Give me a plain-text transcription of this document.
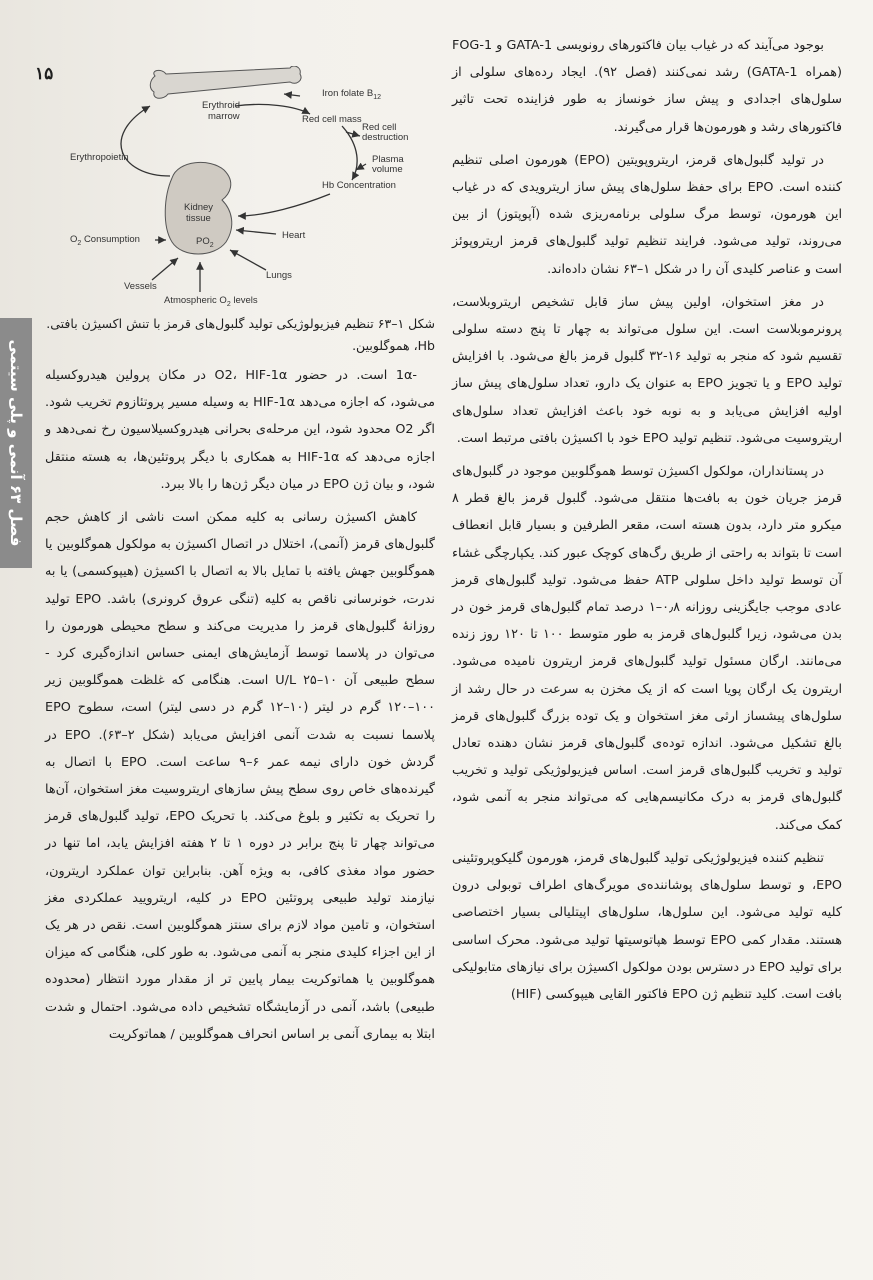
۱۵
فصل ۶۳ آنمی و پلی سیتمی
Erythroid marrow
Iron folate $B_{12}$
Red cell mass
Red cell destruction
Plasma volume
Hb Concentration
Erythropoietin
$O_2$ Consumption	Heart
Lungs
Vessels
Atmospheric $O_2$ levels
Kidney tissue
$PO_2$
شکل ۱–۶۳ تنظیم فیزیولوژیکی تولید گلبول‌های قرمز با تنش اکسیژن بافتی. Hb، هموگلوبین.

بوجود می‌آیند که در غیاب بیان فاکتورهای رونویسی GATA-1 و FOG-1 (همراه GATA-1) رشد نمی‌کنند (فصل ۹۲). ایجاد رده‌های سلولی از سلول‌های اجدادی و پیش ساز خونساز به طور فزاینده تحت تاثیر فاکتورهای رشد و هورمون‌ها قرار می‌گیرند.

در تولید گلبول‌های قرمز، اریتروپویتین (EPO) هورمون اصلی تنظیم کننده است. EPO برای حفظ سلول‌های پیش ساز اریترویدی که در غیاب این هورمون، توسط مرگ سلولی برنامه‌ریزی شده (آپوپتوز) از بین می‌روند، تولید می‌شود. فرایند تنظیم تولید گلبول‌های قرمز اریتروپوئز است و عناصر کلیدی آن را در شکل ۱–۶۳ نشان داده‌اند.

در مغز استخوان، اولین پیش ساز قابل تشخیص اریتروبلاست، پرونرموبلاست است. این سلول می‌تواند به چهار تا پنج دسته سلولی تقسیم شود که منجر به تولید ۱۶-۳۲ گلبول قرمز بالغ می‌شود. با افزایش تولید EPO و یا تجویز EPO به عنوان یک دارو، تعداد سلول‌های پیش ساز اولیه افزایش می‌یابد و به نوبه خود باعث افزایش تعداد سلول‌های اریتروسیت می‌شود. تنظیم تولید EPO خود با اکسیژن بافتی مرتبط است.

در پستانداران، مولکول اکسیژن توسط هموگلوبین موجود در گلبول‌های قرمز جریان خون به بافت‌ها منتقل می‌شود. گلبول قرمز بالغ قطر ۸ میکرو متر دارد، بدون هسته است، مقعر الطرفین و بسیار قابل انعطاف است تا بتواند به راحتی از طریق رگ‌های کوچک عبور کند. یکپارچگی غشاء آن توسط تولید داخل سلولی ATP حفظ می‌شود. تولید گلبول‌های قرمز عادی موجب جایگزینی روزانه ۰٫۸–۱ درصد تمام گلبول‌های قرمز خون در بدن می‌شود، زیرا گلبول‌های قرمز به طور متوسط ۱۰۰ تا ۱۲۰ روز زنده می‌مانند. ارگان مسئول تولید گلبول‌های قرمز اریترون نامیده می‌شود. اریترون یک ارگان پویا است که از یک مخزن به سرعت در حال رشد از سلول‌های پیشساز ارثی مغز استخوان و یک توده بزرگ گلبول‌های قرمز بالغ تشکیل می‌شود. اندازه توده‌ی گلبول‌های قرمز نشان دهنده تعادل تولید و تخریب گلبول‌های قرمز است. اساس فیزیولوژیکی تولید و تخریب گلبول‌های قرمز به درک مکانیسم‌هایی که می‌تواند منجر به آنمی شود، کمک می‌کند.

تنظیم کننده فیزیولوژیکی تولید گلبول‌های قرمز، هورمون گلیکوپروتئینی EPO، و توسط سلول‌های پوشاننده‌ی مویرگ‌های اطراف توبولی درون کلیه تولید می‌شود. این سلول‌ها، سلول‌های اپیتلیالی بسیار اختصاصی هستند. مقدار کمی EPO توسط هپاتوسیتها تولید می‌شود. محرک اساسی برای تولید EPO در دسترس بودن مولکول اکسیژن برای نیازهای متابولیکی بافت است. کلید تنظیم ژن EPO فاکتور القایی هیپوکسی (HIF)

-1α است. در حضور O2، HIF-1α در مکان پرولین هیدروکسیله می‌شود، که اجازه می‌دهد HIF-1α به وسیله مسیر پروتئازوم تخریب شود. اگر O2 محدود شود، این مرحله‌ی بحرانی هیدروکسیلاسیون رخ نمی‌دهد و اجازه می‌دهد که HIF-1α به همکاری با دیگر پروتئین‌ها، به هسته منتقل شود، و بیان ژن EPO در میان دیگر ژن‌ها را بالا ببرد.

کاهش اکسیژن رسانی به کلیه ممکن است ناشی از کاهش حجم گلبول‌های قرمز (آنمی)، اختلال در اتصال اکسیژن به مولکول هموگلوبین یا هموگلوبین جهش یافته با تمایل بالا به اتصال با اکسیژن (هیپوکسمی) یا به ندرت، خونرسانی ناقص به کلیه (تنگی عروق کرونری) باشد. EPO تولید روزانهٔ گلبول‌های قرمز را مدیریت می‌کند و سطح محیطی هورمون را می‌توان در پلاسما توسط آزمایش‌های ایمنی حساس اندازه‌گیری کرد - سطح طبیعی آن ۱۰–۲۵ U/L است. هنگامی که غلظت هموگلوبین زیر ۱۰۰–۱۲۰ گرم در لیتر (۱۰–۱۲ گرم در دسی لیتر) است، سطوح EPO پلاسما نسبت به شدت آنمی افزایش می‌یابد (شکل ۲–۶۳). EPO در گردش خون دارای نیمه عمر ۶–۹ ساعت است. EPO با اتصال به گیرنده‌های خاص روی سطح پیش سازهای اریتروسیت مغز استخوان، آن‌ها را تحریک به تکثیر و بلوغ می‌کند. با تحریک EPO، تولید گلبول‌های قرمز می‌تواند چهار تا پنج برابر در دوره ۱ تا ۲ هفته افزایش یابد، اما تنها در حضور مواد مغذی کافی، به ویژه آهن. بنابراین توان عملکرد اریترون، نیازمند تولید طبیعی پروتئین EPO در کلیه، اریترویید عملکردی مغز استخوان، و تامین مواد لازم برای سنتز هموگلوبین است. نقص در هر یک از این اجزاء کلیدی منجر به آنمی می‌شود. به طور کلی، هنگامی که میزان هموگلوبین یا هماتوکریت بیمار پایین تر از مقدار مورد انتظار (محدوده طبیعی) باشد، آنمی در آزمایشگاه تشخیص داده می‌شود. احتمال و شدت ابتلا به بیماری آنمی بر اساس انحراف هموگلوبین / هماتوکریت
